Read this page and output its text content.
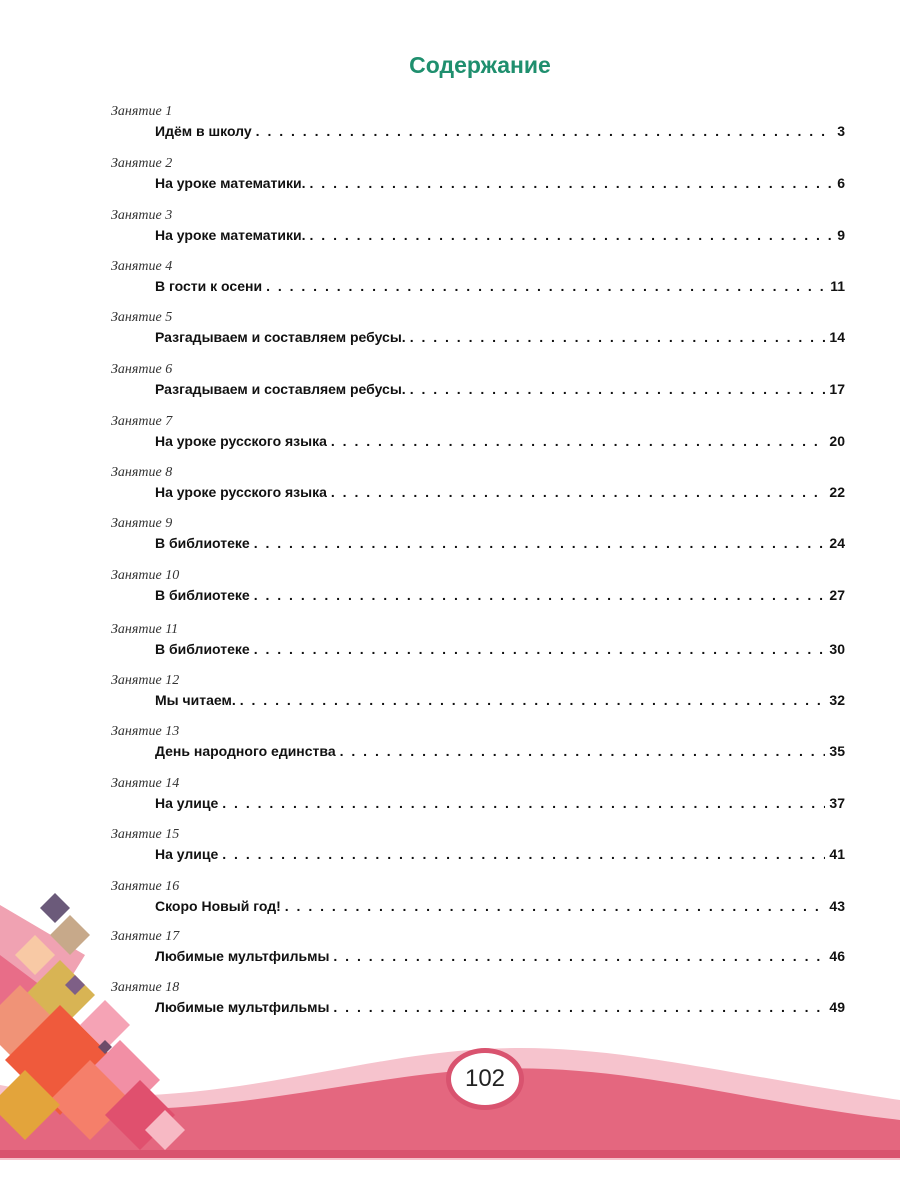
Содержание
Занятие 1
Идём в школу . . .	3
Занятие 2
На уроке математики. . . .	6
Занятие 3
На уроке математики. . . .	9
Занятие 4
В гости к осени . . .	11
Занятие 5
Разгадываем и составляем ребусы. . . .	14
Занятие 6
Разгадываем и составляем ребусы. . . .	17
Занятие 7
На уроке русского языка . . .	20
Занятие 8
На уроке русского языка . . .	22
Занятие 9
В библиотеке . . .	24
Занятие 10
В библиотеке . . .	27
Занятие 11
В библиотеке . . .	30
Занятие 12
Мы читаем. . . .	32
Занятие 13
День народного единства . . .	35
Занятие 14
На улице . . .	37
Занятие 15
На улице . . .	41
Занятие 16
Скоро Новый год! . . .	43
Занятие 17
Любимые мультфильмы . . .	46
Занятие 18
Любимые мультфильмы . . .	49
102
